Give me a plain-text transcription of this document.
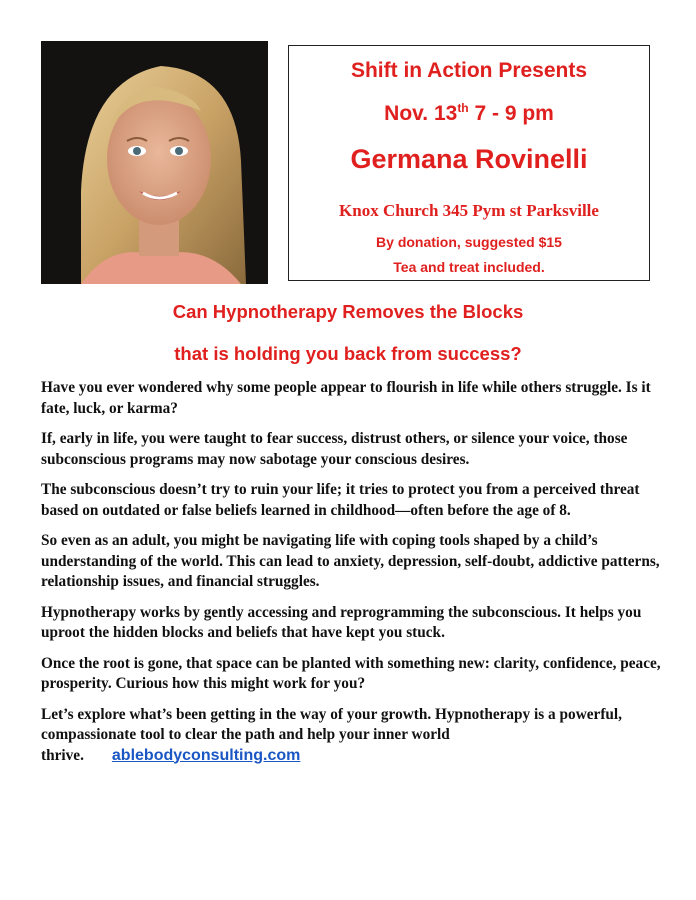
Shift in Action Presents
Nov. 13th 7 - 9 pm
Germana Rovinelli
Knox Church 345 Pym st Parksville
By donation, suggested $15
Tea and treat included.
Can Hypnotherapy Removes the Blocks
that is holding you back from success?

Have you ever wondered why some people appear to flourish in life while others struggle. Is it fate, luck, or karma?

If, early in life, you were taught to fear success, distrust others, or silence your voice, those subconscious programs may now sabotage your conscious desires.

The subconscious doesn’t try to ruin your life; it tries to protect you from a perceived threat based on outdated or false beliefs learned in childhood—often before the age of 8.

So even as an adult, you might be navigating life with coping tools shaped by a child’s understanding of the world. This can lead to anxiety, depression, self-doubt, addictive patterns, relationship issues, and financial struggles.

Hypnotherapy works by gently accessing and reprogramming the subconscious. It helps you uproot the hidden blocks and beliefs that have kept you stuck.

Once the root is gone, that space can be planted with something new: clarity, confidence, peace, prosperity. Curious how this might work for you?

Let’s explore what’s been getting in the way of your growth. Hypnotherapy is a powerful, compassionate tool to clear the path and help your inner world

thrive. ablebodyconsulting.com
